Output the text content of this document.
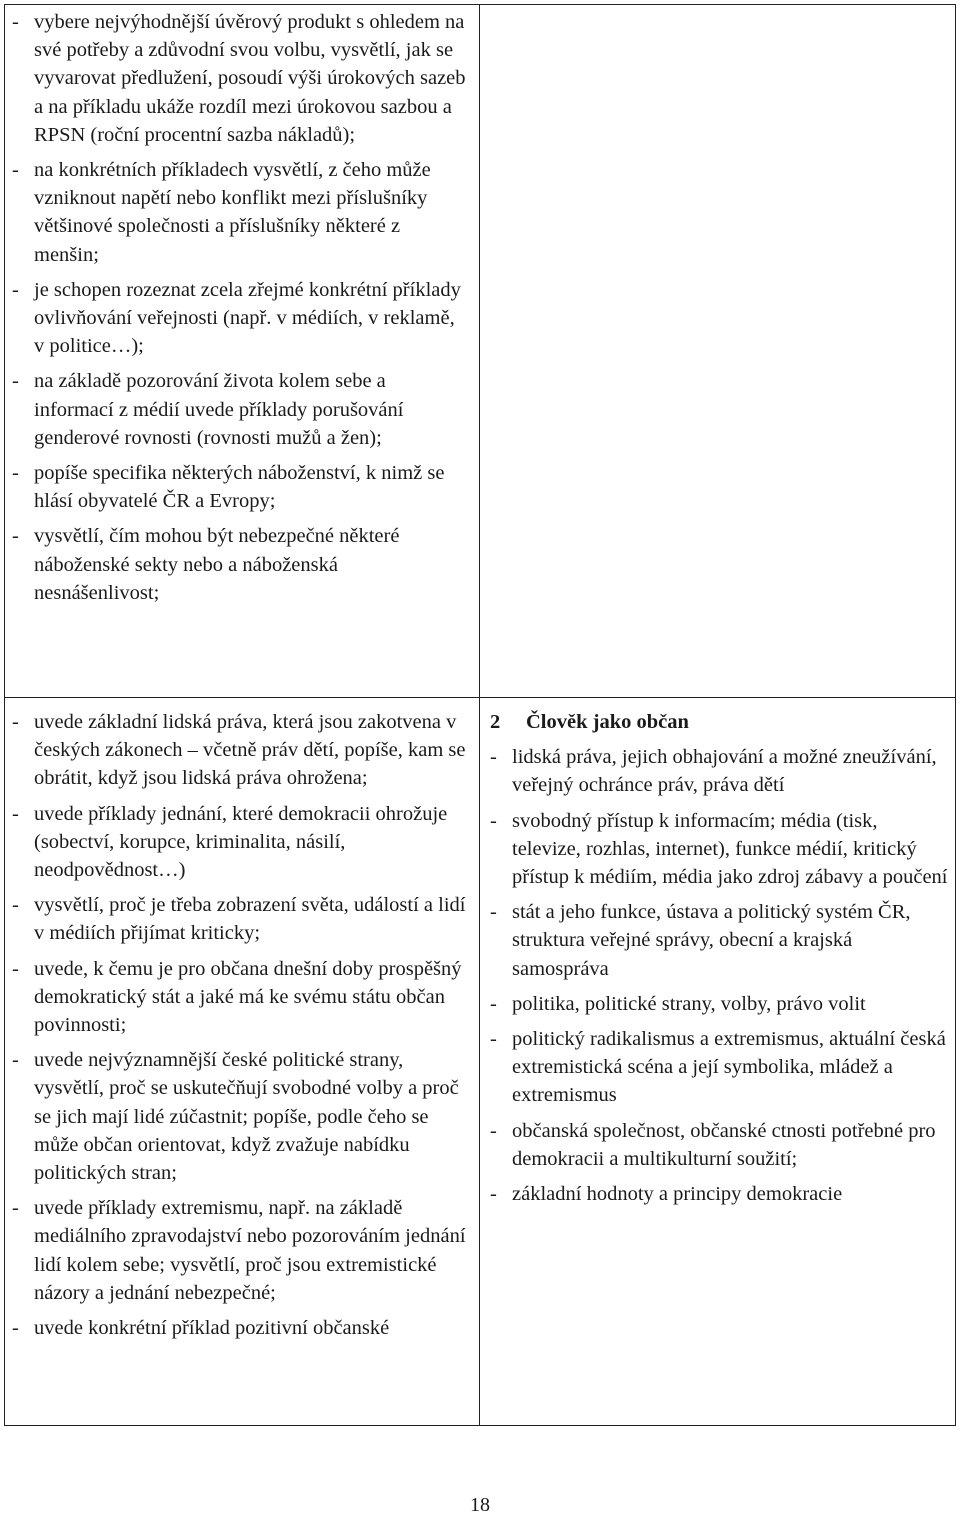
- vybere nejvýhodnější úvěrový produkt s ohledem na své potřeby a zdůvodní svou volbu, vysvětlí, jak se vyvarovat předlužení, posoudí výši úrokových sazeb a na příkladu ukáže rozdíl mezi úrokovou sazbou a RPSN (roční procentní sazba nákladů);
- na konkrétních příkladech vysvětlí, z čeho může vzniknout napětí nebo konflikt mezi příslušníky většinové společnosti a příslušníky některé z menšin;
- je schopen rozeznat zcela zřejmé konkrétní příklady ovlivňování veřejnosti (např. v médiích, v reklamě, v politice…);
- na základě pozorování života kolem sebe a informací z médií uvede příklady porušování genderové rovnosti (rovnosti mužů a žen);
- popíše specifika některých náboženství, k nimž se hlásí obyvatelé ČR a Evropy;
- vysvětlí, čím mohou být nebezpečné některé náboženské sekty nebo a náboženská nesnášenlivost;
- uvede základní lidská práva, která jsou zakotvena v českých zákonech ‒ včetně práv dětí, popíše, kam se obrátit, když jsou lidská práva ohrožena;
- uvede příklady jednání, které demokracii ohrožuje (sobectví, korupce, kriminalita, násilí, neodpovědnost…)
- vysvětlí, proč je třeba zobrazení světa, událostí a lidí v médiích přijímat kriticky;
- uvede, k čemu je pro občana dnešní doby prospěšný demokratický stát a jaké má ke svému státu občan povinnosti;
- uvede nejvýznamnější české politické strany, vysvětlí, proč se uskutečňují svobodné volby a proč se jich mají lidé zúčastnit; popíše, podle čeho se může občan orientovat, když zvažuje nabídku politických stran;
- uvede příklady extremismu, např. na základě mediálního zpravodajství nebo pozorováním jednání lidí kolem sebe; vysvětlí, proč jsou extremistické názory a jednání nebezpečné;
- uvede konkrétní příklad pozitivní občanské
2 Člověk jako občan
- lidská práva, jejich obhajování a možné zneužívání, veřejný ochránce práv, práva dětí
- svobodný přístup k informacím; média (tisk, televize, rozhlas, internet), funkce médií, kritický přístup k médiím, média jako zdroj zábavy a poučení
- stát a jeho funkce, ústava a politický systém ČR, struktura veřejné správy, obecní a krajská samospráva
- politika, politické strany, volby, právo volit
- politický radikalismus a extremismus, aktuální česká extremistická scéna a její symbolika, mládež a extremismus
- občanská společnost, občanské ctnosti potřebné pro demokracii a multikulturní soužití;
- základní hodnoty a principy demokracie
18
